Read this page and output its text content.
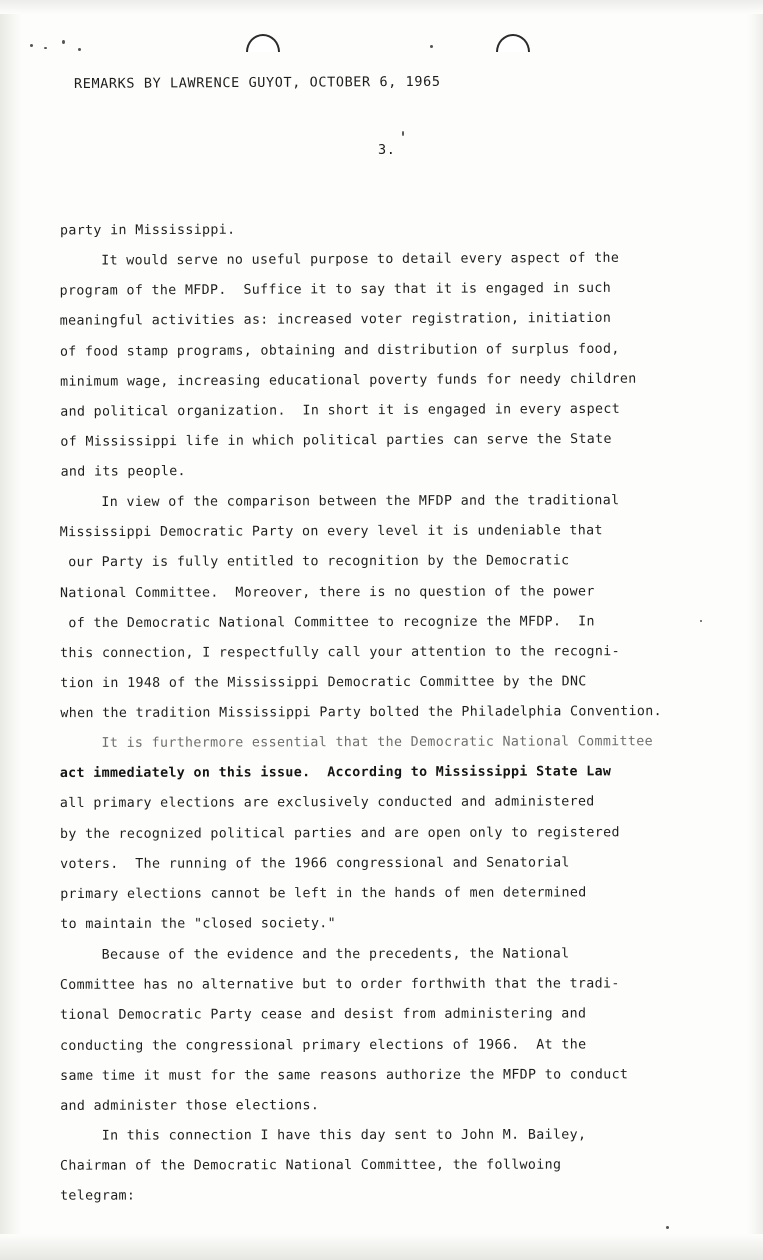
REMARKS BY LAWRENCE GUYOT, OCTOBER 6, 1965
3.
party in Mississippi.
It would serve no useful purpose to detail every aspect of the
program of the MFDP.  Suffice it to say that it is engaged in such
meaningful activities as: increased voter registration, initiation
of food stamp programs, obtaining and distribution of surplus food,
minimum wage, increasing educational poverty funds for needy children
and political organization.  In short it is engaged in every aspect
of Mississippi life in which political parties can serve the State
and its people.
In view of the comparison between the MFDP and the traditional
Mississippi Democratic Party on every level it is undeniable that
our Party is fully entitled to recognition by the Democratic
National Committee.  Moreover, there is no question of the power
of the Democratic National Committee to recognize the MFDP.  In
this connection, I respectfully call your attention to the recogni-
tion in 1948 of the Mississippi Democratic Committee by the DNC
when the tradition Mississippi Party bolted the Philadelphia Convention.
It is furthermore essential that the Democratic National Committee
act immediately on this issue.  According to Mississippi State Law
all primary elections are exclusively conducted and administered
by the recognized political parties and are open only to registered
voters.  The running of the 1966 congressional and Senatorial
primary elections cannot be left in the hands of men determined
to maintain the "closed society."
Because of the evidence and the precedents, the National
Committee has no alternative but to order forthwith that the tradi-
tional Democratic Party cease and desist from administering and
conducting the congressional primary elections of 1966.  At the
same time it must for the same reasons authorize the MFDP to conduct
and administer those elections.
In this connection I have this day sent to John M. Bailey,
Chairman of the Democratic National Committee, the follwoing
telegram:
